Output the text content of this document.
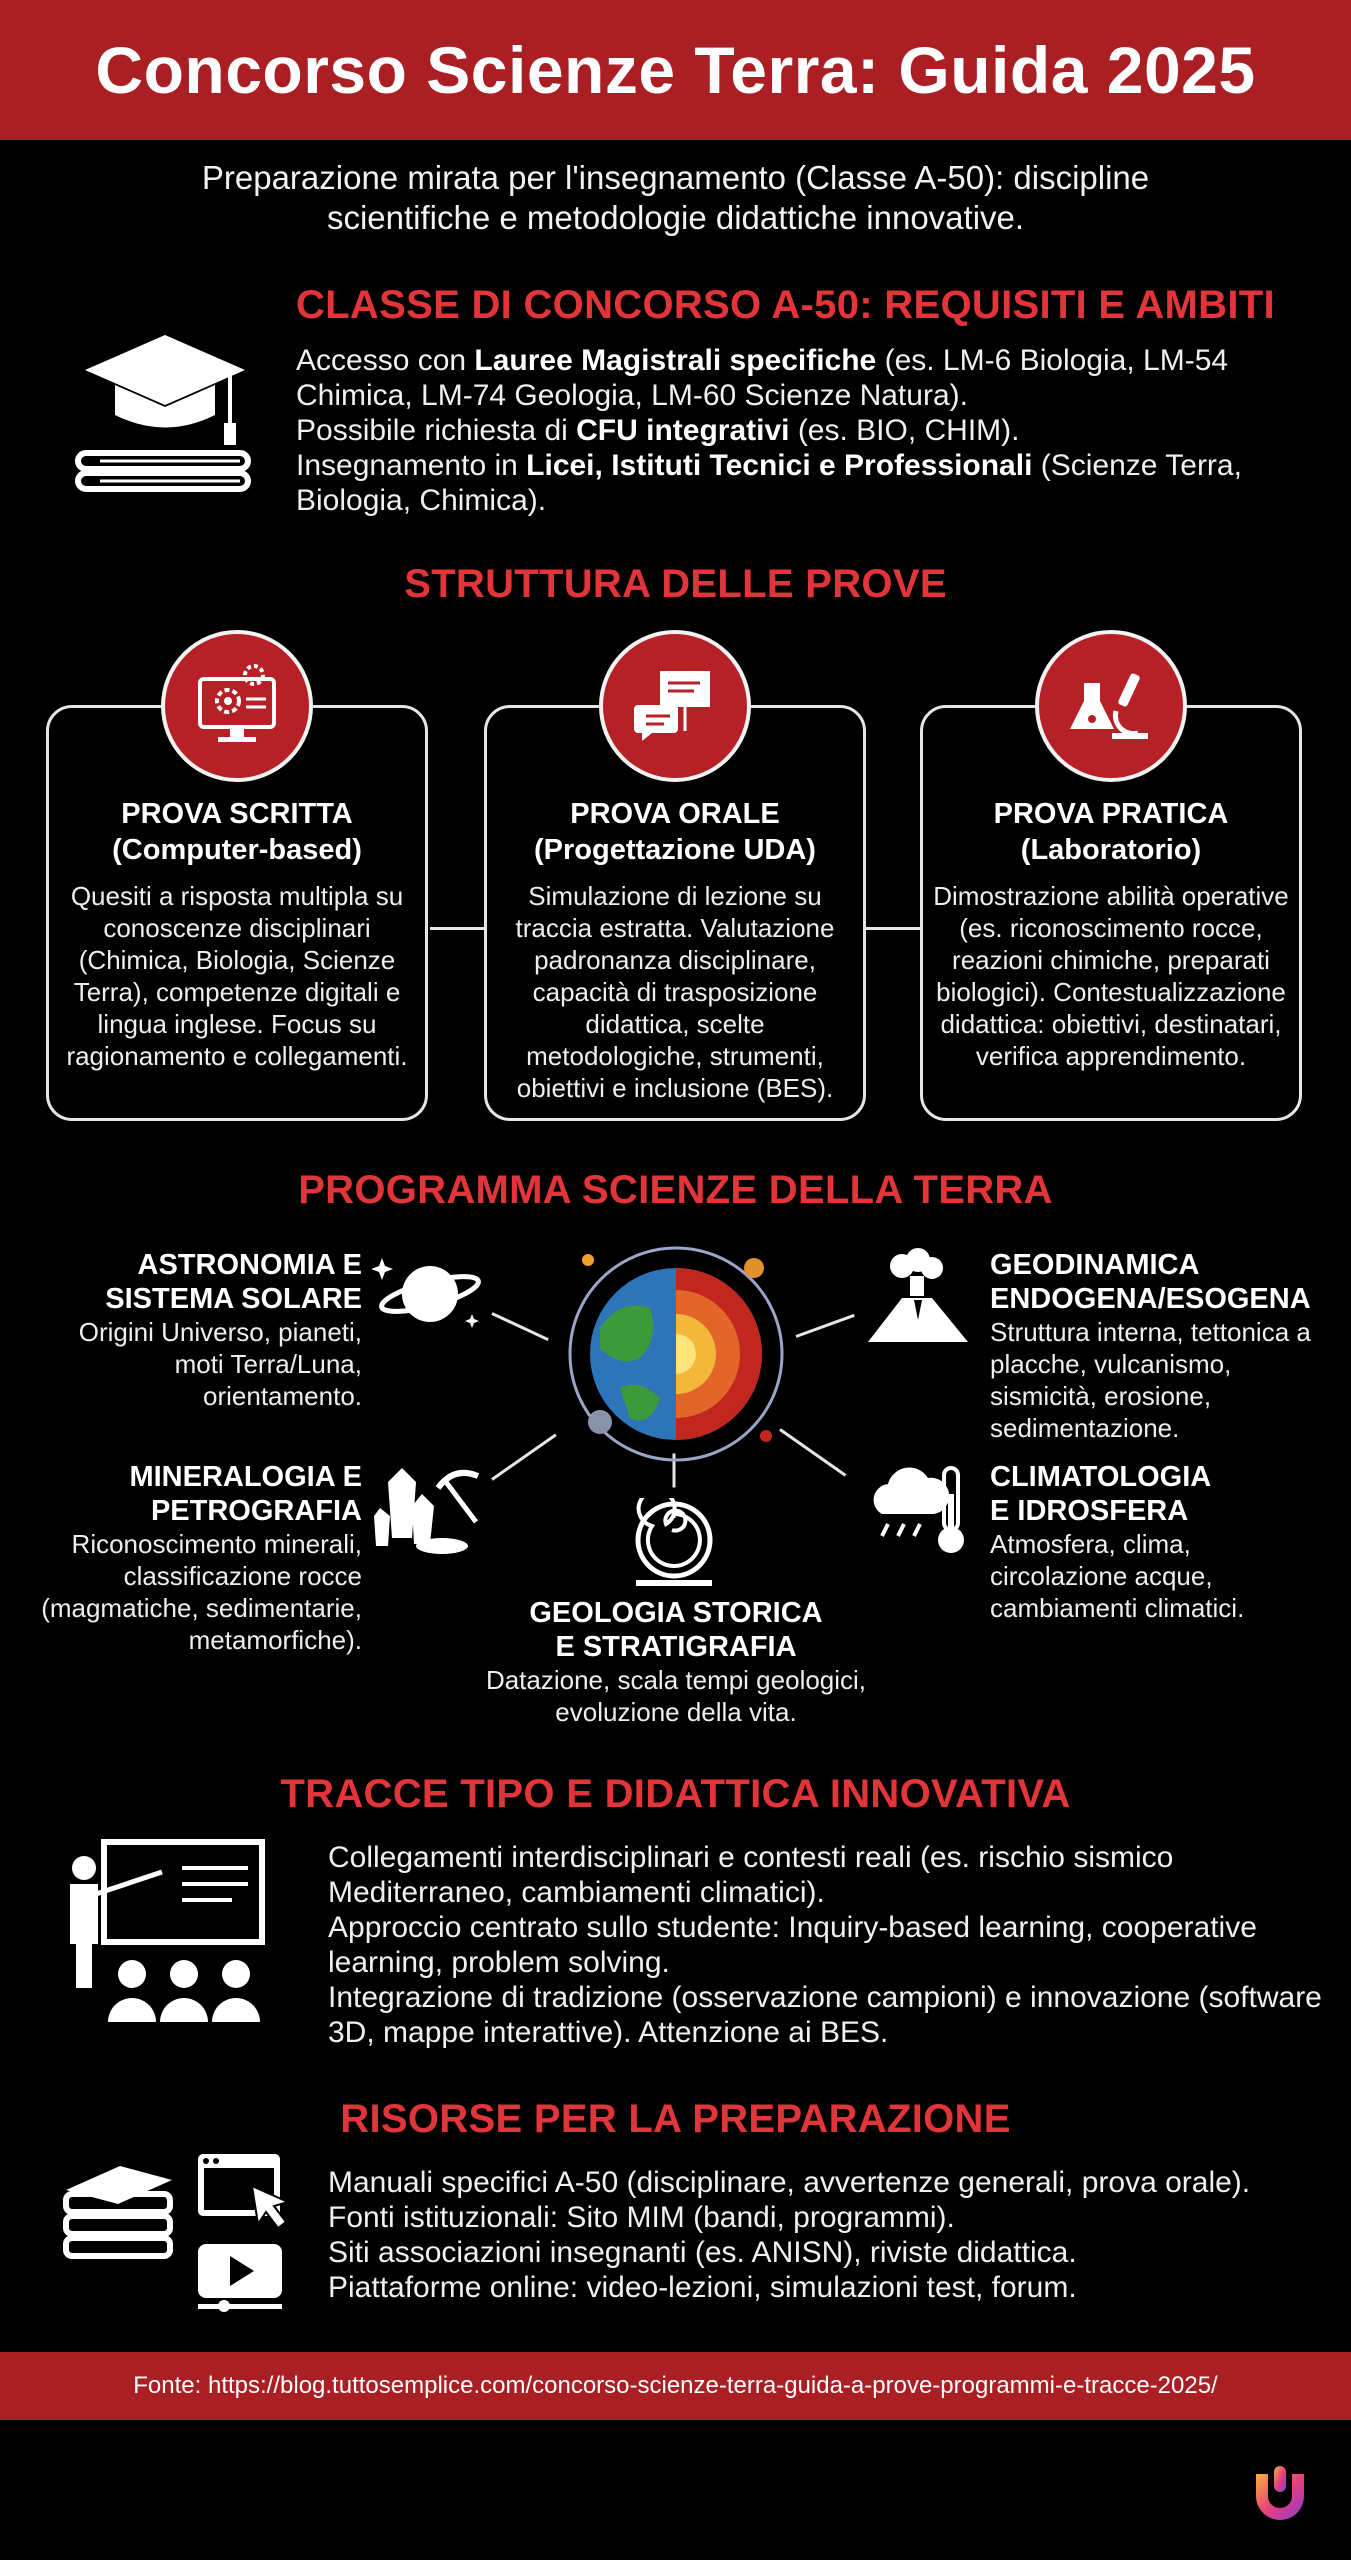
Concorso Scienze Terra: Guida 2025
Preparazione mirata per l'insegnamento (Classe A-50): discipline scientifiche e metodologie didattiche innovative.
CLASSE DI CONCORSO A-50: REQUISITI E AMBITI
Accesso con Lauree Magistrali specifiche (es. LM-6 Biologia, LM-54 Chimica, LM-74 Geologia, LM-60 Scienze Natura).
Possibile richiesta di CFU integrativi (es. BIO, CHIM).
Insegnamento in Licei, Istituti Tecnici e Professionali (Scienze Terra, Biologia, Chimica).
STRUTTURA DELLE PROVE
PROVA SCRITTA
(Computer-based)
Quesiti a risposta multipla su conoscenze disciplinari (Chimica, Biologia, Scienze Terra), competenze digitali e lingua inglese. Focus su ragionamento e collegamenti.
PROVA ORALE
(Progettazione UDA)
Simulazione di lezione su traccia estratta. Valutazione padronanza disciplinare, capacità di trasposizione didattica, scelte metodologiche, strumenti, obiettivi e inclusione (BES).
PROVA PRATICA
(Laboratorio)
Dimostrazione abilità operative (es. riconoscimento rocce, reazioni chimiche, preparati biologici). Contestualizzazione didattica: obiettivi, destinatari, verifica apprendimento.
PROGRAMMA SCIENZE DELLA TERRA
ASTRONOMIA E
SISTEMA SOLARE
Origini Universo, pianeti, moti Terra/Luna, orientamento.
GEODINAMICA
ENDOGENA/ESOGENA
Struttura interna, tettonica a placche, vulcanismo, sismicità, erosione, sedimentazione.
MINERALOGIA E
PETROGRAFIA
Riconoscimento minerali, classificazione rocce (magmatiche, sedimentarie, metamorfiche).
CLIMATOLOGIA
E IDROSFERA
Atmosfera, clima, circolazione acque, cambiamenti climatici.
GEOLOGIA STORICA
E STRATIGRAFIA
Datazione, scala tempi geologici, evoluzione della vita.
TRACCE TIPO E DIDATTICA INNOVATIVA
Collegamenti interdisciplinari e contesti reali (es. rischio sismico Mediterraneo, cambiamenti climatici).
Approccio centrato sullo studente: Inquiry-based learning, cooperative learning, problem solving.
Integrazione di tradizione (osservazione campioni) e innovazione (software 3D, mappe interattive). Attenzione ai BES.
RISORSE PER LA PREPARAZIONE
Manuali specifici A-50 (disciplinare, avvertenze generali, prova orale).
Fonti istituzionali: Sito MIM (bandi, programmi).
Siti associazioni insegnanti (es. ANISN), riviste didattica.
Piattaforme online: video-lezioni, simulazioni test, forum.
Fonte: https://blog.tuttosemplice.com/concorso-scienze-terra-guida-a-prove-programmi-e-tracce-2025/
